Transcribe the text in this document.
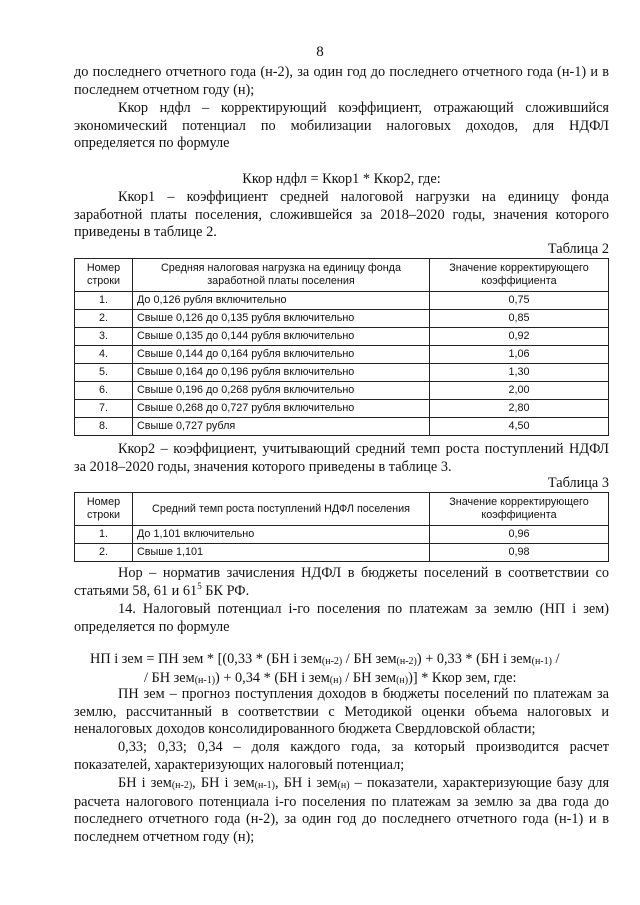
8

до последнего отчетного года (н-2), за один год до последнего отчетного года (н-1) и в последнем отчетном году (н);

Ккор ндфл – корректирующий коэффициент, отражающий сложившийся экономический потенциал по мобилизации налоговых доходов, для НДФЛ определяется по формуле

Ккор ндфл = Ккор1 * Ккор2, где:

Ккор1 – коэффициент средней налоговой нагрузки на единицу фонда заработной платы поселения, сложившейся за 2018–2020 годы, значения которого приведены в таблице 2.

Таблица 2
Номер строки	Средняя налоговая нагрузка на единицу фонда заработной платы поселения	Значение корректирующего коэффициента
1.	До 0,126 рубля включительно	0,75
2.	Свыше 0,126 до 0,135 рубля включительно	0,85
3.	Свыше 0,135 до 0,144 рубля включительно	0,92
4.	Свыше 0,144 до 0,164 рубля включительно	1,06
5.	Свыше 0,164 до 0,196 рубля включительно	1,30
6.	Свыше 0,196 до 0,268 рубля включительно	2,00
7.	Свыше 0,268 до 0,727 рубля включительно	2,80
8.	Свыше 0,727 рубля	4,50

Ккор2 – коэффициент, учитывающий средний темп роста поступлений НДФЛ за 2018–2020 годы, значения которого приведены в таблице 3.

Таблица 3
Номер строки	Средний темп роста поступлений НДФЛ поселения	Значение корректирующего коэффициента
1.	До 1,101 включительно	0,96
2.	Свыше 1,101	0,98

Нор – норматив зачисления НДФЛ в бюджеты поселений в соответствии со статьями 58, 61 и $61^5$ БК РФ.

14. Налоговый потенциал i-го поселения по платежам за землю (НП i зем) определяется по формуле

НП i зем = ПН зем * [(0,33 * (БН i зем$_{(н-2)}$ / БН зем$_{(н-2)}$) + 0,33 * (БН i зем$_{(н-1)}$ /

/ БН зем$_{(н-1)}$) + 0,34 * (БН i зем$_{(н)}$ / БН зем$_{(н)}$)] * Ккор зем, где:

ПН зем – прогноз поступления доходов в бюджеты поселений по платежам за землю, рассчитанный в соответствии с Методикой оценки объема налоговых и неналоговых доходов консолидированного бюджета Свердловской области;

0,33; 0,33; 0,34 – доля каждого года, за который производится расчет показателей, характеризующих налоговый потенциал;

БН i зем$_{(н-2)}$, БН i зем$_{(н-1)}$, БН i зем$_{(н)}$ – показатели, характеризующие базу для расчета налогового потенциала i-го поселения по платежам за землю за два года до последнего отчетного года (н-2), за один год до последнего отчетного года (н-1) и в последнем отчетном году (н);
